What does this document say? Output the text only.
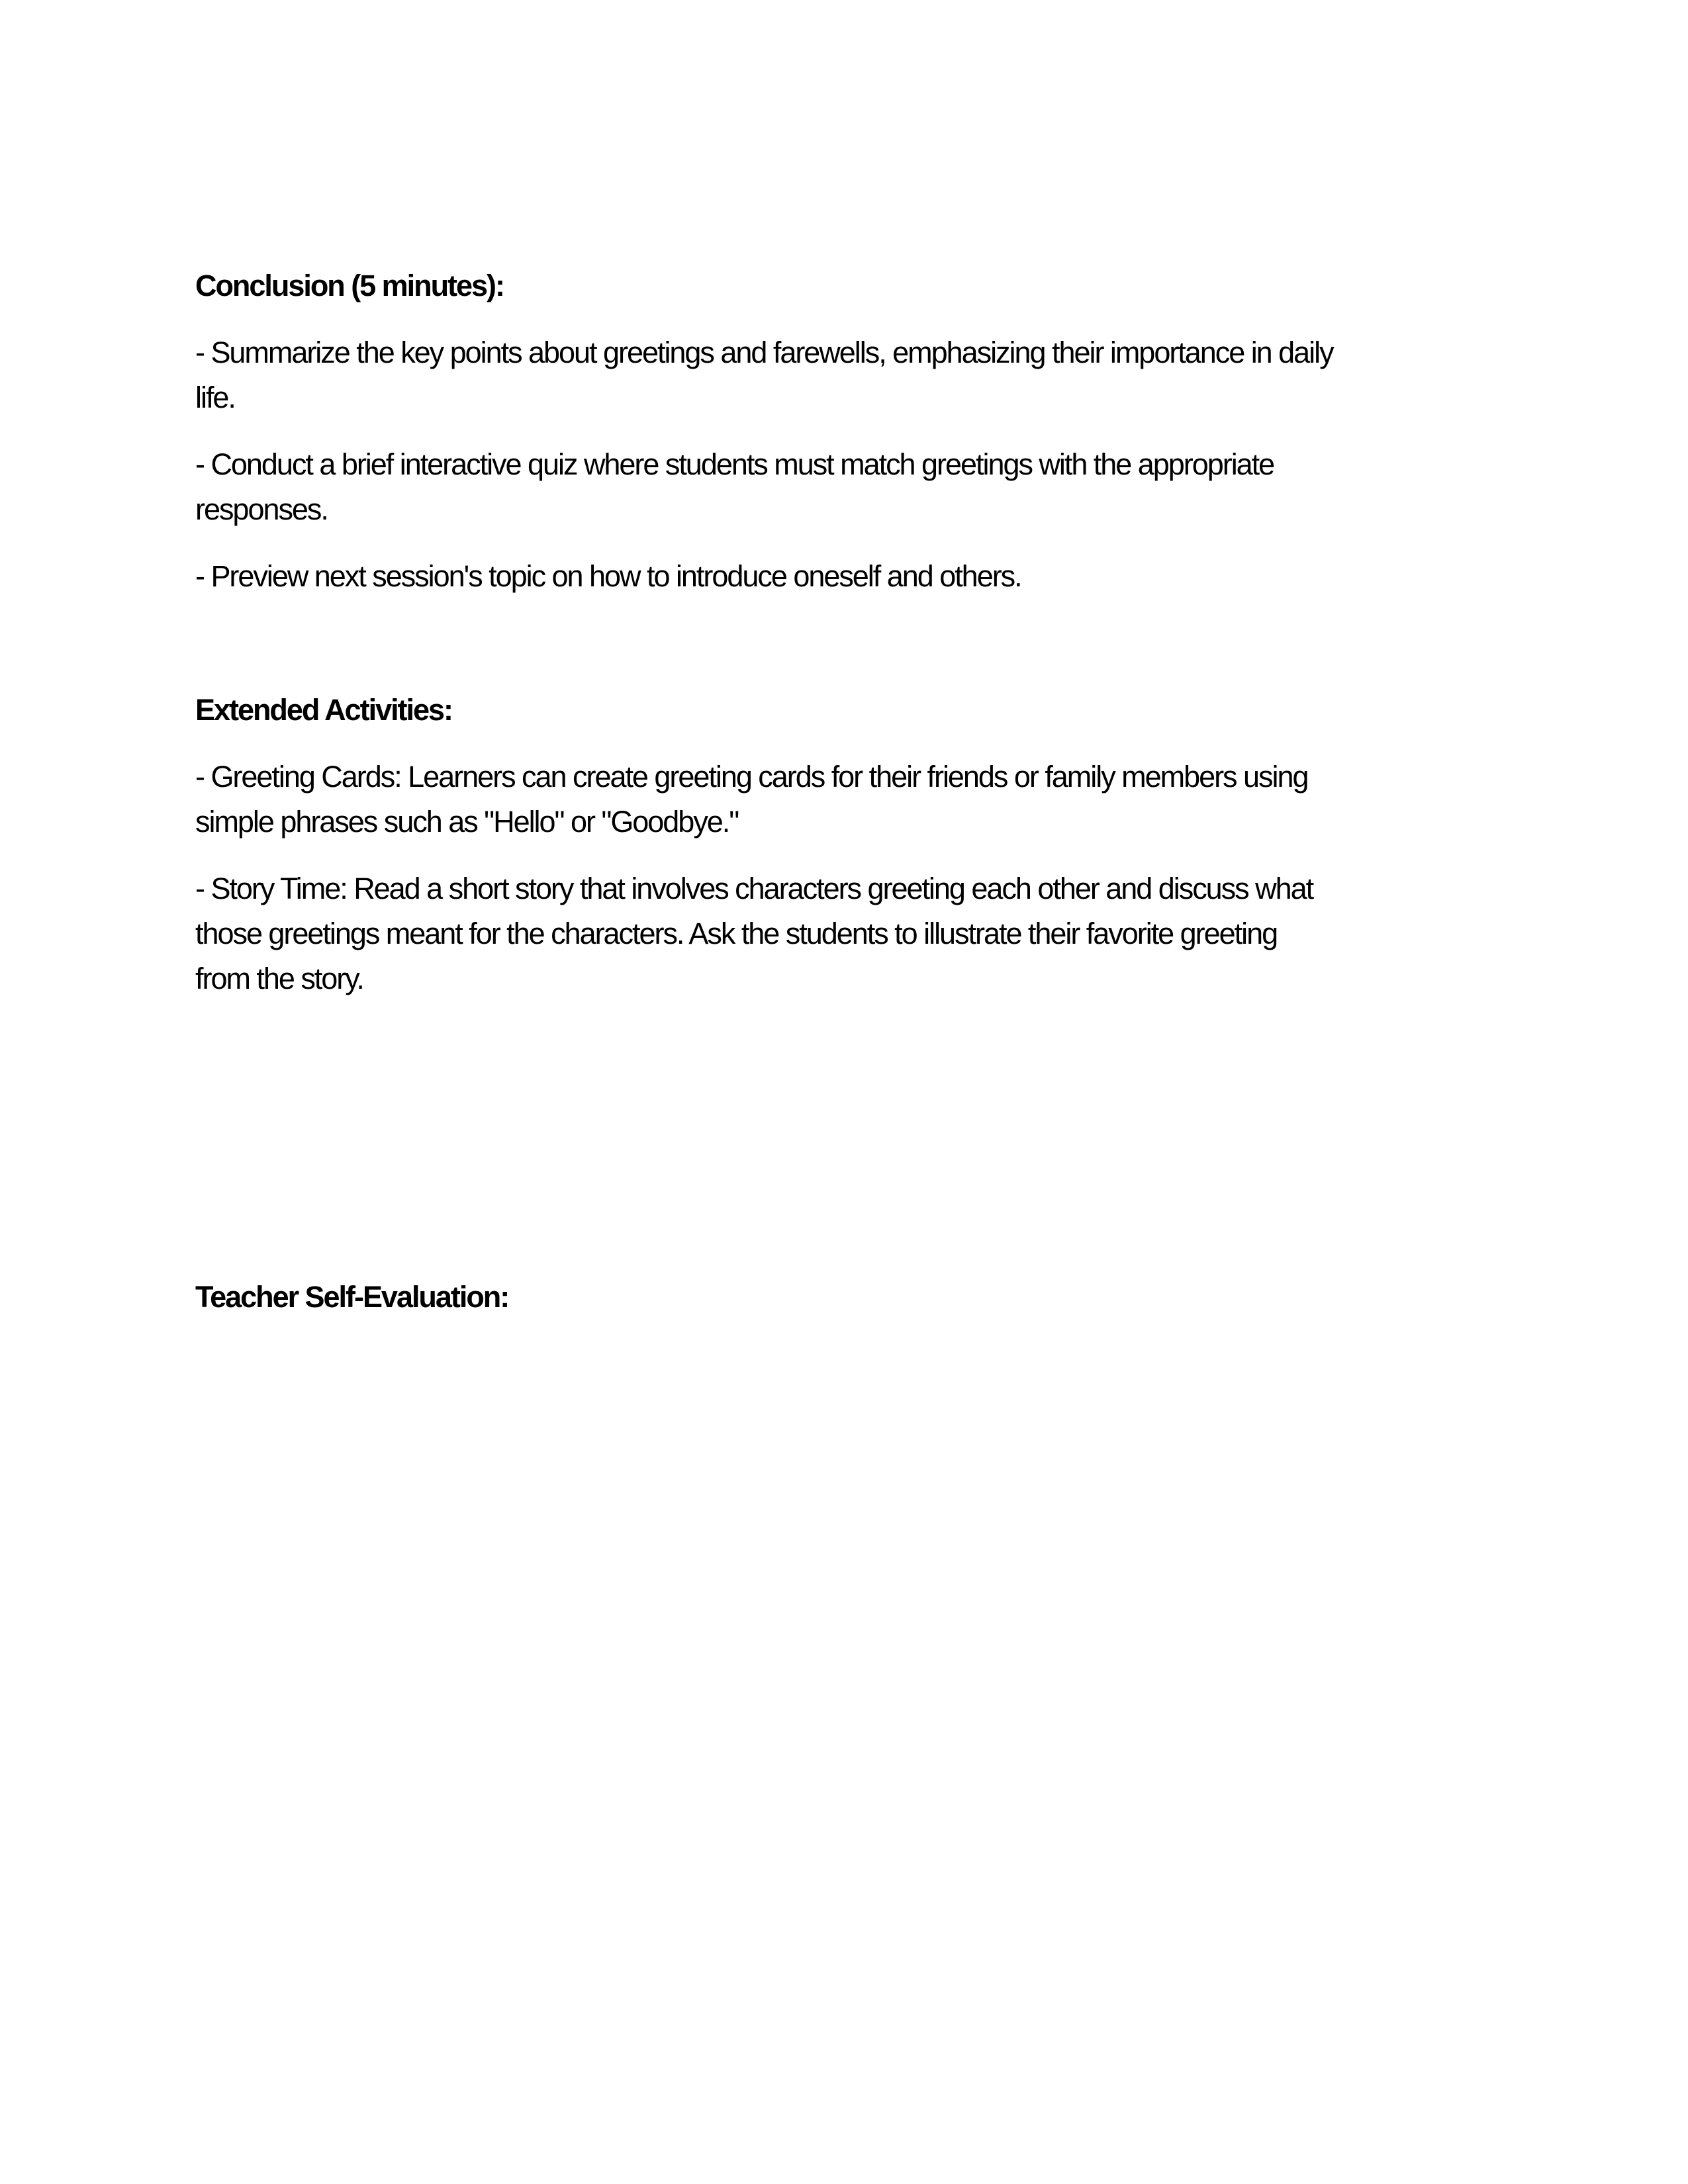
Conclusion (5 minutes):

- Summarize the key points about greetings and farewells, emphasizing their importance in daily
life.

- Conduct a brief interactive quiz where students must match greetings with the appropriate
responses.

- Preview next session's topic on how to introduce oneself and others.

Extended Activities:

- Greeting Cards: Learners can create greeting cards for their friends or family members using
simple phrases such as "Hello" or "Goodbye."

- Story Time: Read a short story that involves characters greeting each other and discuss what
those greetings meant for the characters. Ask the students to illustrate their favorite greeting
from the story.

Teacher Self-Evaluation:
